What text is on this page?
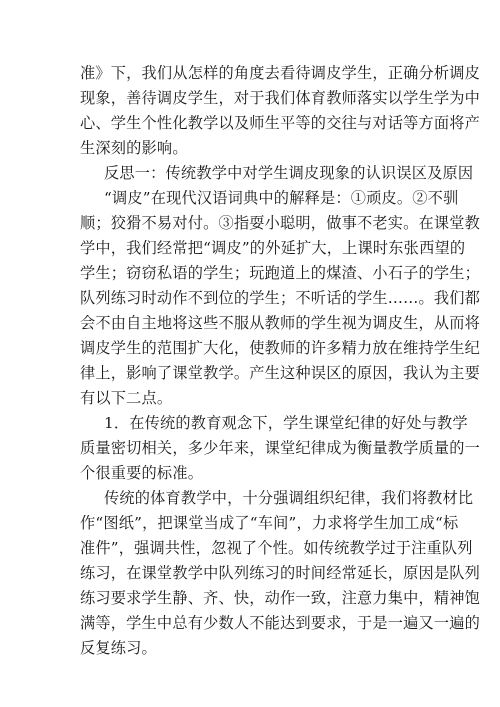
准》下，我们从怎样的角度去看待调皮学生，正确分析调皮
现象，善待调皮学生，对于我们体育教师落实以学生学为中
心、学生个性化教学以及师生平等的交往与对话等方面将产
生深刻的影响。
反思一：传统教学中对学生调皮现象的认识误区及原因
“调皮”在现代汉语词典中的解释是：①顽皮。②不驯
顺；狡猾不易对付。③指耍小聪明，做事不老实。在课堂教
学中，我们经常把“调皮”的外延扩大，上课时东张西望的
学生；窃窃私语的学生；玩跑道上的煤渣、小石子的学生；
队列练习时动作不到位的学生；不听话的学生……。我们都
会不由自主地将这些不服从教师的学生视为调皮生，从而将
调皮学生的范围扩大化，使教师的许多精力放在维持学生纪
律上，影响了课堂教学。产生这种误区的原因，我认为主要
有以下二点。
1．在传统的教育观念下，学生课堂纪律的好处与教学
质量密切相关，多少年来，课堂纪律成为衡量教学质量的一
个很重要的标准。
传统的体育教学中，十分强调组织纪律，我们将教材比
作“图纸”，把课堂当成了“车间”，力求将学生加工成“标
准件”，强调共性，忽视了个性。如传统教学过于注重队列
练习，在课堂教学中队列练习的时间经常延长，原因是队列
练习要求学生静、齐、快，动作一致，注意力集中，精神饱
满等，学生中总有少数人不能达到要求，于是一遍又一遍的
反复练习。
